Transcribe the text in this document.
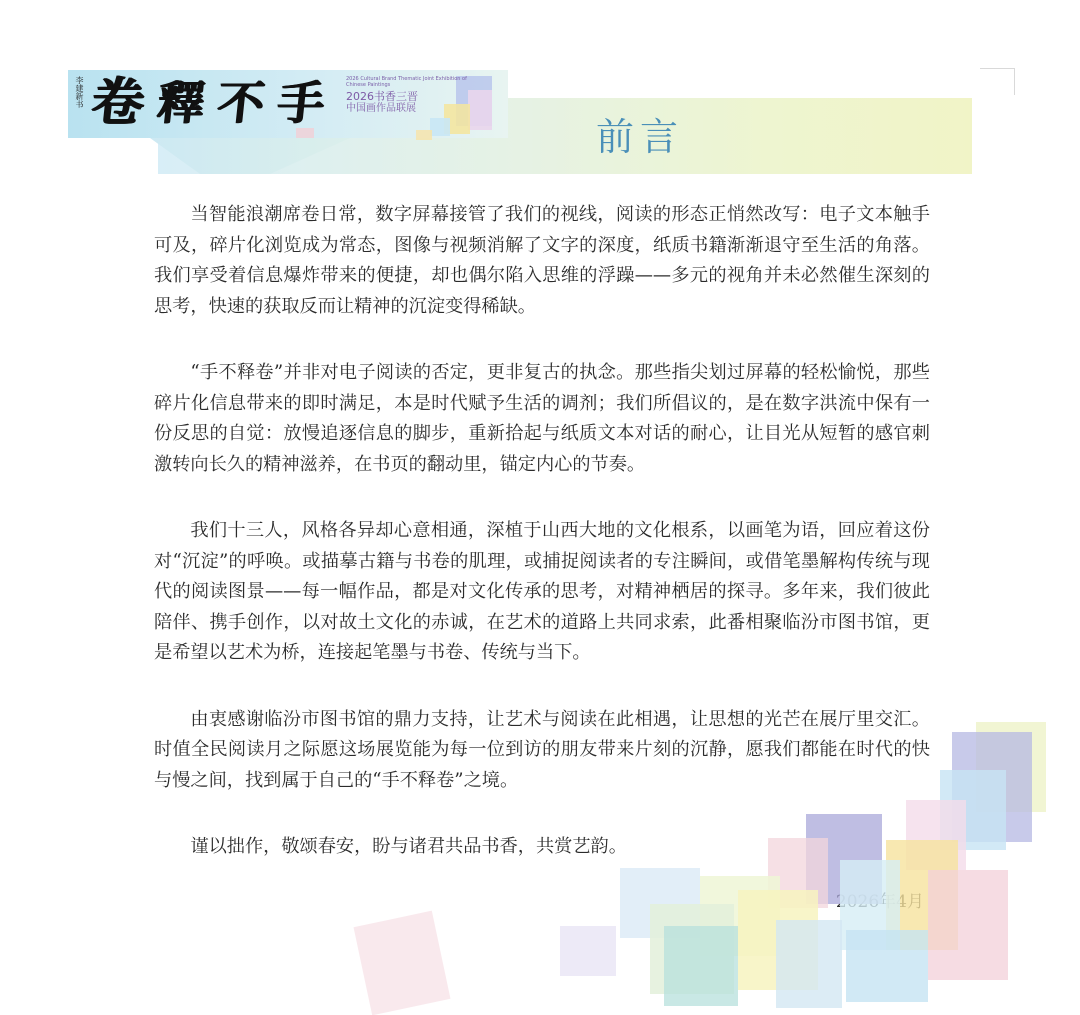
李建新书 卷 釋 不 手	2026 Cultural Brand Thematic Joint Exhibition of Chinese Paintings
2026书香三晋
中国画作品联展
前言

当智能浪潮席卷日常，数字屏幕接管了我们的视线，阅读的形态正悄然改写：电子文本触手可及，碎片化浏览成为常态，图像与视频消解了文字的深度，纸质书籍渐渐退守至生活的角落。我们享受着信息爆炸带来的便捷，却也偶尔陷入思维的浮躁——多元的视角并未必然催生深刻的思考，快速的获取反而让精神的沉淀变得稀缺。

“手不释卷”并非对电子阅读的否定，更非复古的执念。那些指尖划过屏幕的轻松愉悦，那些碎片化信息带来的即时满足，本是时代赋予生活的调剂；我们所倡议的，是在数字洪流中保有一份反思的自觉：放慢追逐信息的脚步，重新拾起与纸质文本对话的耐心，让目光从短暂的感官刺激转向长久的精神滋养，在书页的翻动里，锚定内心的节奏。

我们十三人，风格各异却心意相通，深植于山西大地的文化根系，以画笔为语，回应着这份对“沉淀”的呼唤。或描摹古籍与书卷的肌理，或捕捉阅读者的专注瞬间，或借笔墨解构传统与现代的阅读图景——每一幅作品，都是对文化传承的思考，对精神栖居的探寻。多年来，我们彼此陪伴、携手创作，以对故土文化的赤诚，在艺术的道路上共同求索，此番相聚临汾市图书馆，更是希望以艺术为桥，连接起笔墨与书卷、传统与当下。

由衷感谢临汾市图书馆的鼎力支持，让艺术与阅读在此相遇，让思想的光芒在展厅里交汇。时值全民阅读月之际愿这场展览能为每一位到访的朋友带来片刻的沉静，愿我们都能在时代的快与慢之间，找到属于自己的“手不释卷”之境。

谨以拙作，敬颂春安，盼与诸君共品书香，共赏艺韵。
